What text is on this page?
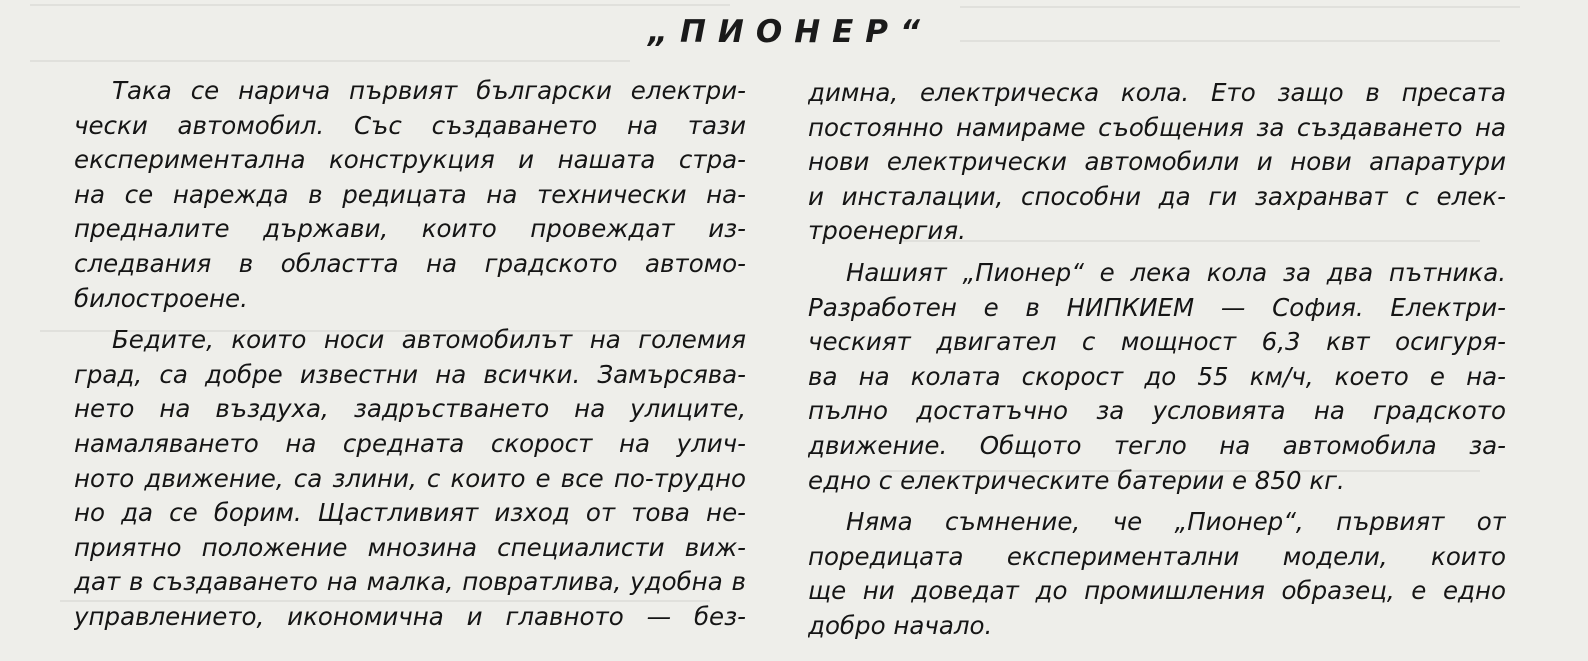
„ПИОНЕР“
Така се нарича първият български електри-
чески автомобил. Със създаването на тази
експериментална конструкция и нашата стра-
на се нарежда в редицата на технически на-
предналите държави, които провеждат из-
следвания в областта на градското автомо-
билостроене.
Бедите, които носи автомобилът на големия
град, са добре известни на всички. Замърсява-
нето на въздуха, задръстването на улиците,
намаляването на средната скорост на улич-
ното движение, са злини, с които е все по-трудно
но да се борим. Щастливият изход от това не-
приятно положение мнозина специалисти виж-
дат в създаването на малка, повратлива, удобна в
управлението, икономична и главното — без-
димна, електрическа кола. Ето защо в пресата
постоянно намираме съобщения за създаването на
нови електрически автомобили и нови апаратури
и инсталации, способни да ги захранват с елек-
троенергия.
Нашият „Пионер“ е лека кола за два пътника.
Разработен е в НИПКИЕМ — София. Електри-
ческият двигател с мощност 6,3 квт осигуря-
ва на колата скорост до 55 км/ч, което е на-
пълно достатъчно за условията на градското
движение. Общото тегло на автомобила за-
едно с електрическите батерии е 850 кг.
Няма съмнение, че „Пионер“, първият от
поредицата експериментални модели, които
ще ни доведат до промишления образец, е едно
добро начало.
